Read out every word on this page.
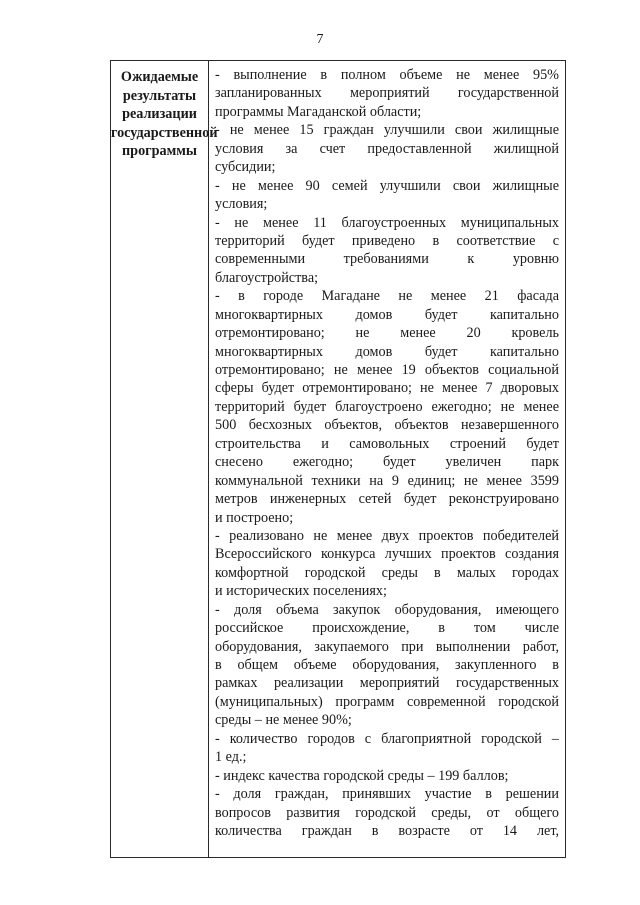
7
Ожидаемые
результаты
реализации
государственной
программы
- выполнение в полном объеме не менее 95%
запланированных мероприятий государственной
программы Магаданской области;
- не менее 15 граждан улучшили свои жилищные
условия за счет предоставленной жилищной
субсидии;
- не менее 90 семей улучшили свои жилищные
условия;
- не менее 11 благоустроенных муниципальных
территорий будет приведено в соответствие с
современными требованиями к уровню
благоустройства;
- в городе Магадане не менее 21 фасада
многоквартирных домов будет капитально
отремонтировано; не менее 20 кровель
многоквартирных домов будет капитально
отремонтировано; не менее 19 объектов социальной
сферы будет отремонтировано; не менее 7 дворовых
территорий будет благоустроено ежегодно; не менее
500 бесхозных объектов, объектов незавершенного
строительства и самовольных строений будет
снесено ежегодно; будет увеличен парк
коммунальной техники на 9 единиц; не менее 3599
метров инженерных сетей будет реконструировано
и построено;
- реализовано не менее двух проектов победителей
Всероссийского конкурса лучших проектов создания
комфортной городской среды в малых городах
и исторических поселениях;
- доля объема закупок оборудования, имеющего
российское происхождение, в том числе
оборудования, закупаемого при выполнении работ,
в общем объеме оборудования, закупленного в
рамках реализации мероприятий государственных
(муниципальных) программ современной городской
среды – не менее 90%;
- количество городов с благоприятной городской –
1 ед.;
- индекс качества городской среды – 199 баллов;
- доля граждан, принявших участие в решении
вопросов развития городской среды, от общего
количества граждан в возрасте от 14 лет,
